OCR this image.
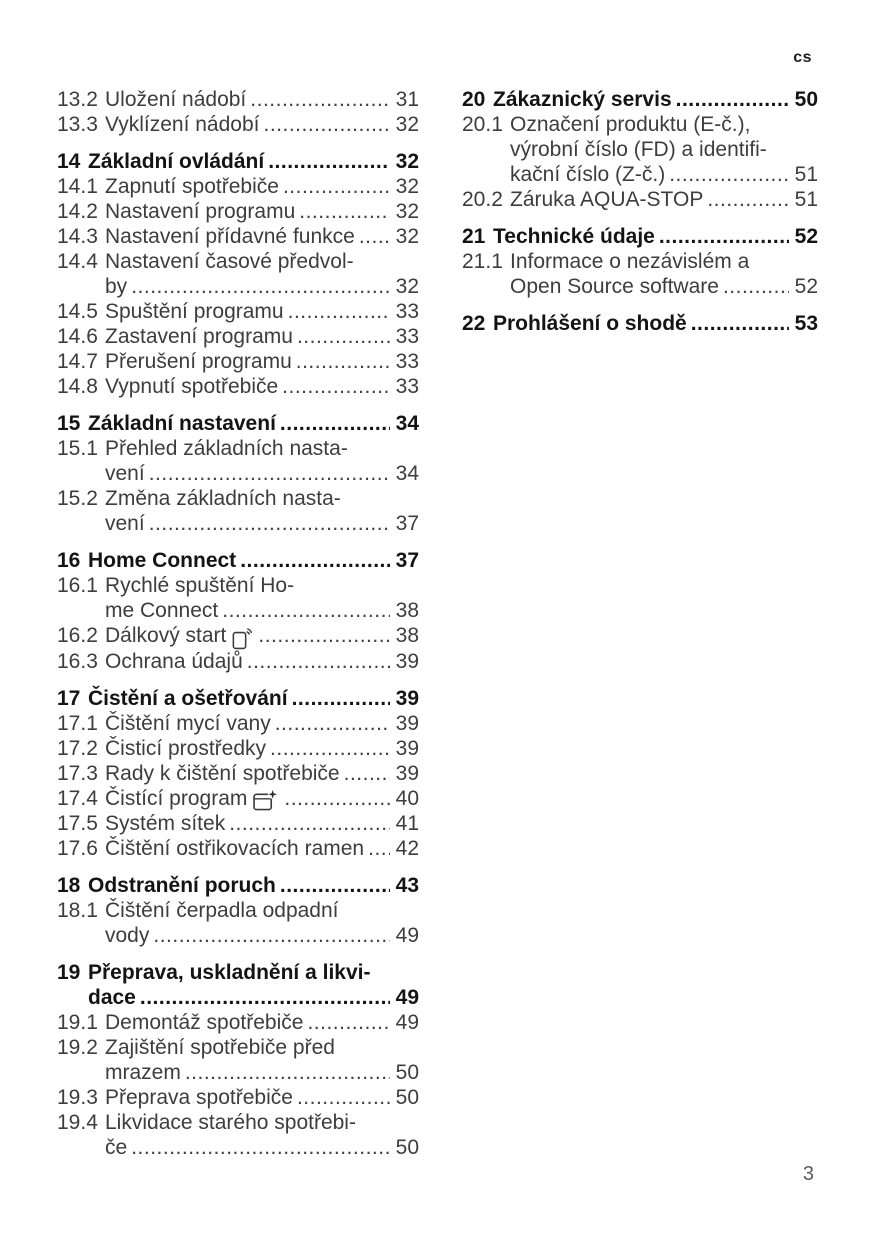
cs
13.2 Uložení nádobí .....	31
13.3 Vyklízení nádobí .....	32
14 Základní ovládání .....	32
14.1 Zapnutí spotřebiče .....	32
14.2 Nastavení programu .....	32
14.3 Nastavení přídavné funkce ..... 32
14.4 Nastavení časové předvol-
by .....	32
14.5 Spuštění programu .....	33
14.6 Zastavení programu .....	33
14.7 Přerušení programu .....	33
14.8 Vypnutí spotřebiče .....	33
15 Základní nastavení .....	34
15.1 Přehled základních nasta-
vení .....	34
15.2 Změna základních nasta-
vení .....	37
16 Home Connect .....	37
16.1 Rychlé spuštění Ho-
me Connect .....	38
16.2 Dálkový start .....	38
16.3 Ochrana údajů .....	39
17 Čistění a ošetřování .....	39
17.1 Čištění mycí vany .....	39
17.2 Čisticí prostředky .....	39
17.3 Rady k čištění spotřebiče .....	39
17.4 Čistící program .....	40
17.5 Systém sítek .....	41
17.6 Čištění ostřikovacích ramen ..... 42
18 Odstranění poruch .....	43
18.1 Čištění čerpadla odpadní
vody .....	49
19 Přeprava, uskladnění a likvi-
dace .....	49
19.1 Demontáž spotřebiče .....	49
19.2 Zajištění spotřebiče před
mrazem .....	50
19.3 Přeprava spotřebiče .....	50
19.4 Likvidace starého spotřebi-
če .....	50
20 Zákaznický servis .....	50
20.1 Označení produktu (E-č.),
výrobní číslo (FD) a identifi-
kační číslo (Z-č.) .....	51
20.2 Záruka AQUA-STOP .....	51
21 Technické údaje .....	52
21.1 Informace o nezávislém a
Open Source software .....	52
22 Prohlášení o shodě .....	53
3
